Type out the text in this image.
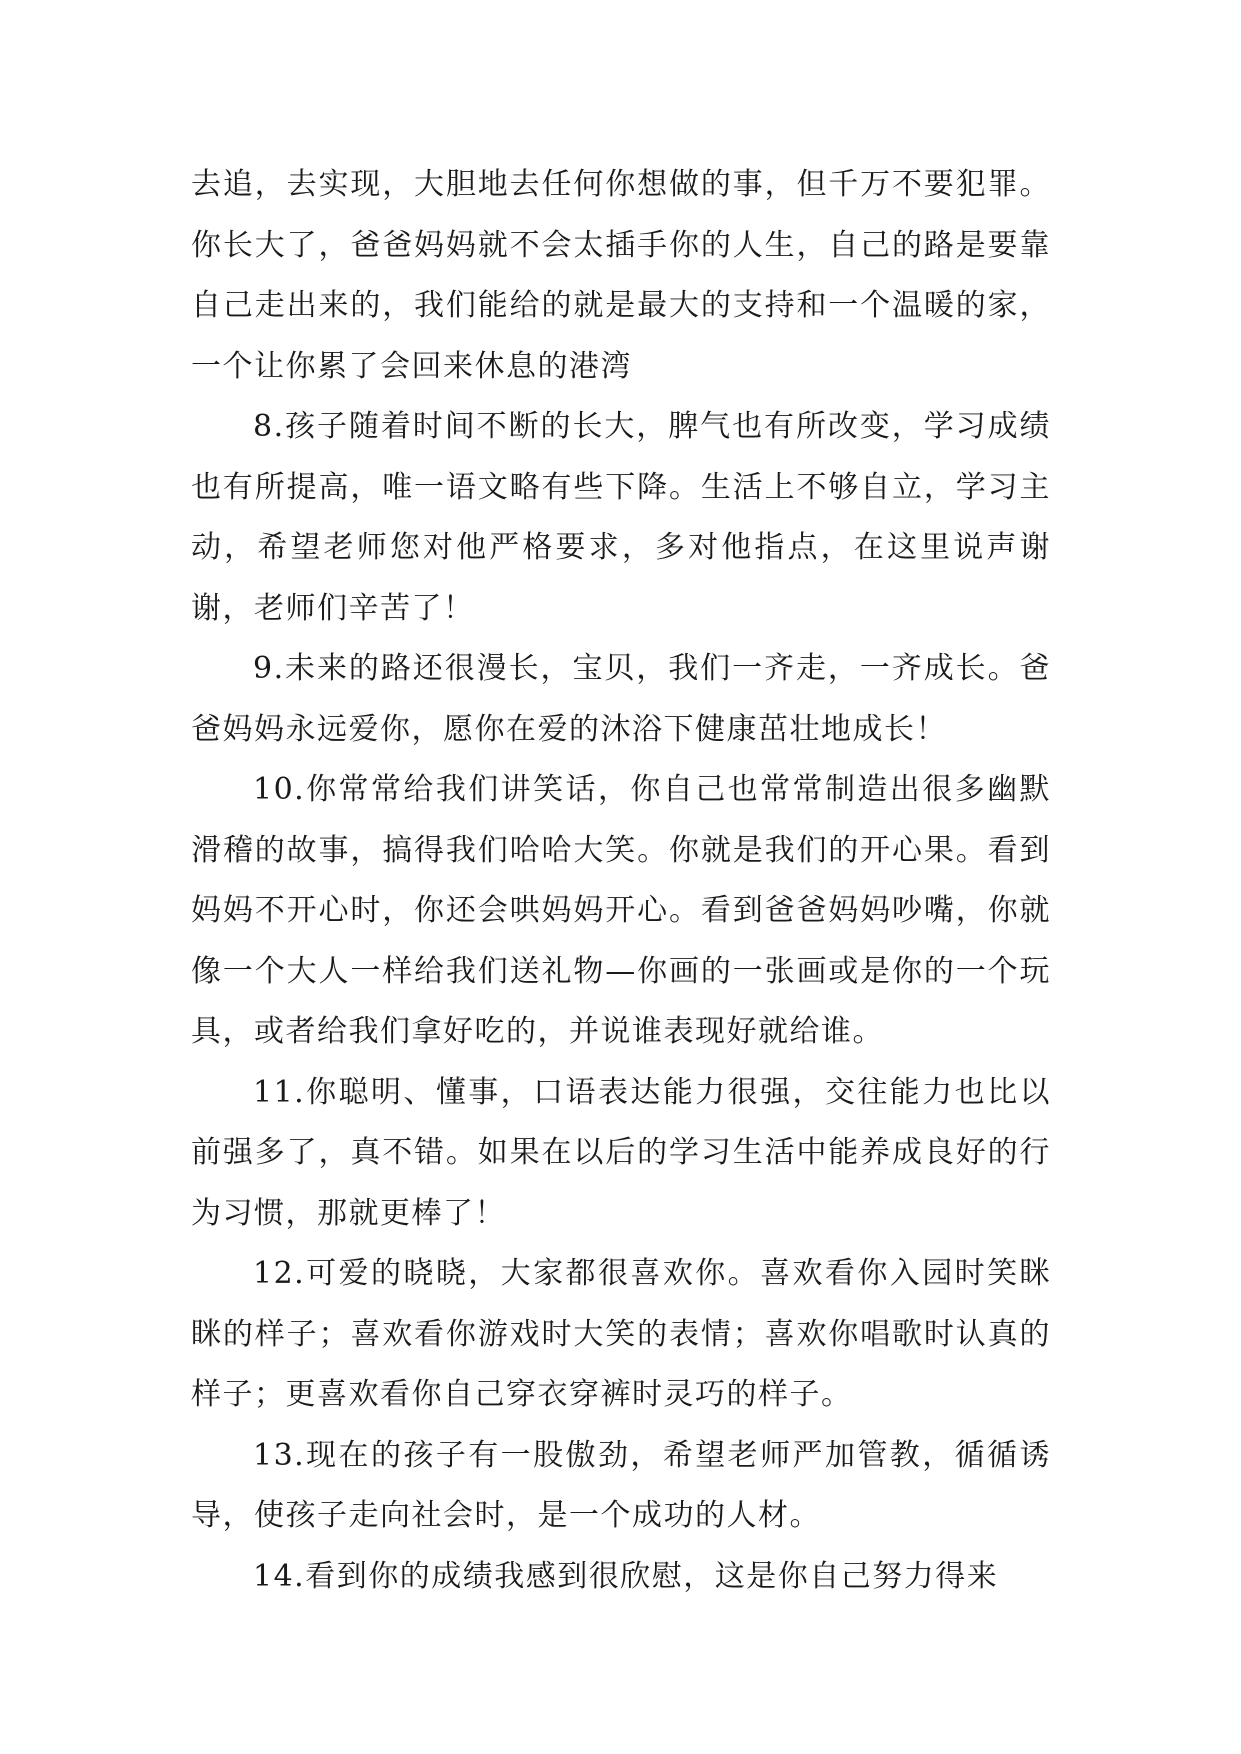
去追，去实现，大胆地去任何你想做的事，但千万不要犯罪。你长大了，爸爸妈妈就不会太插手你的人生，自己的路是要靠自己走出来的，我们能给的就是最大的支持和一个温暖的家，一个让你累了会回来休息的港湾

8.孩子随着时间不断的长大，脾气也有所改变，学习成绩也有所提高，唯一语文略有些下降。生活上不够自立，学习主动，希望老师您对他严格要求，多对他指点，在这里说声谢谢，老师们辛苦了！

9.未来的路还很漫长，宝贝，我们一齐走，一齐成长。爸爸妈妈永远爱你，愿你在爱的沐浴下健康茁壮地成长！

10.你常常给我们讲笑话，你自己也常常制造出很多幽默滑稽的故事，搞得我们哈哈大笑。你就是我们的开心果。看到妈妈不开心时，你还会哄妈妈开心。看到爸爸妈妈吵嘴，你就像一个大人一样给我们送礼物—你画的一张画或是你的一个玩具，或者给我们拿好吃的，并说谁表现好就给谁。

11.你聪明、懂事，口语表达能力很强，交往能力也比以前强多了，真不错。如果在以后的学习生活中能养成良好的行为习惯，那就更棒了！

12.可爱的晓晓，大家都很喜欢你。喜欢看你入园时笑眯眯的样子；喜欢看你游戏时大笑的表情；喜欢你唱歌时认真的样子；更喜欢看你自己穿衣穿裤时灵巧的样子。

13.现在的孩子有一股傲劲，希望老师严加管教，循循诱导，使孩子走向社会时，是一个成功的人材。

14.看到你的成绩我感到很欣慰，这是你自己努力得来
